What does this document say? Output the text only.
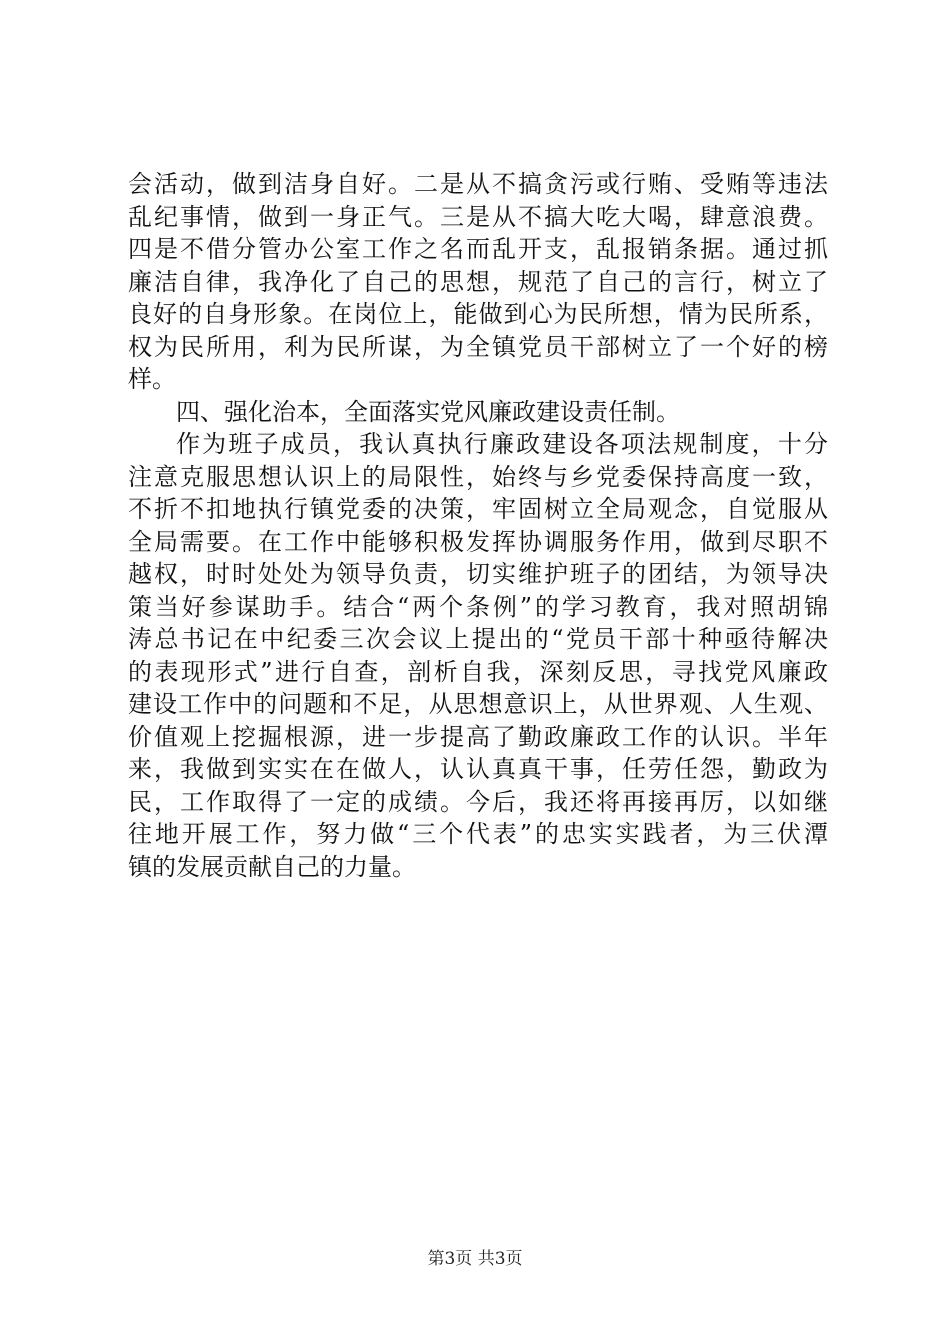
会活动，做到洁身自好。二是从不搞贪污或行贿、受贿等违法
乱纪事情，做到一身正气。三是从不搞大吃大喝，肆意浪费。
四是不借分管办公室工作之名而乱开支，乱报销条据。通过抓
廉洁自律，我净化了自己的思想，规范了自己的言行，树立了
良好的自身形象。在岗位上，能做到心为民所想，情为民所系，
权为民所用，利为民所谋，为全镇党员干部树立了一个好的榜
样。
四、强化治本，全面落实党风廉政建设责任制。
作为班子成员，我认真执行廉政建设各项法规制度，十分
注意克服思想认识上的局限性，始终与乡党委保持高度一致，
不折不扣地执行镇党委的决策，牢固树立全局观念，自觉服从
全局需要。在工作中能够积极发挥协调服务作用，做到尽职不
越权，时时处处为领导负责，切实维护班子的团结，为领导决
策当好参谋助手。结合“两个条例”的学习教育，我对照胡锦
涛总书记在中纪委三次会议上提出的“党员干部十种亟待解决
的表现形式”进行自查，剖析自我，深刻反思，寻找党风廉政
建设工作中的问题和不足，从思想意识上，从世界观、人生观、
价值观上挖掘根源，进一步提高了勤政廉政工作的认识。半年
来，我做到实实在在做人，认认真真干事，任劳任怨，勤政为
民，工作取得了一定的成绩。今后，我还将再接再厉，以如继
往地开展工作，努力做“三个代表”的忠实实践者，为三伏潭
镇的发展贡献自己的力量。
第3页 共3页
